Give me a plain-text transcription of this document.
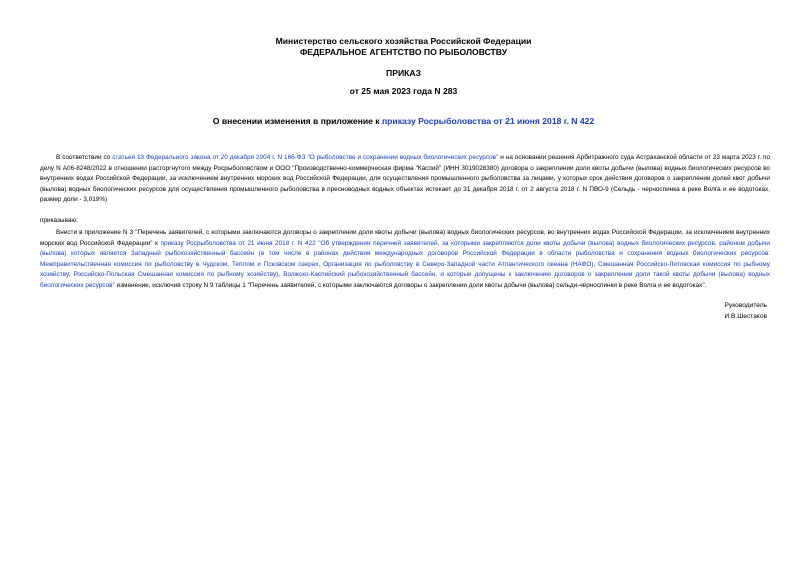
Министерство сельского хозяйства Российской Федерации
ФЕДЕРАЛЬНОЕ АГЕНТСТВО ПО РЫБОЛОВСТВУ
ПРИКАЗ
от 25 мая 2023 года N 283
О внесении изменения в приложение к приказу Росрыболовства от 21 июня 2018 г. N 422
В соответствии со статьей 13 Федерального закона от 20 декабря 2004 г. N 166-ФЗ "О рыболовстве и сохранении водных биологических ресурсов" и на основании решения Арбитражного суда Астраханской области от 23 марта 2023 г. по делу N А06-8248/2022 в отношении расторгнутого между Росрыболовством и ООО "Производственно-коммерческая фирма "Каспий" (ИНН 3019028380) договора о закреплении доли квоты добычи (вылова) водных биологических ресурсов во внутренних водах Российской Федерации, за исключением внутренних морских вод Российской Федерации, для осуществления промышленного рыболовства за лицами, у которых срок действия договоров о закреплении долей квот добычи (вылова) водных биологических ресурсов для осуществления промышленного рыболовства в пресноводных водных объектах истекает до 31 декабря 2018 г. от 2 августа 2018 г. N ПВО-9 (Сельдь - черноспинка в реке Волга и ее водотоках, размер доли - 3,019%)
приказываю:
Внести в приложение N 3 "Перечень заявителей, с которыми заключаются договоры о закреплении доли квоты добычи (вылова) водных биологических ресурсов, во внутренних водах Российской Федерации, за исключением внутренних морских вод Российской Федерации" к приказу Росрыболовства от 21 июня 2018 г. N 422 "Об утверждении перечней заявителей, за которыми закрепляются доли квоты добычи (вылова) водных биологических ресурсов, районом добычи (вылова) которых является Западный рыбохозяйственный бассейн (в том числе в районах действия международных договоров Российской Федерации в области рыболовства и сохранения водных биологических ресурсов: Межправительственная комиссия по рыболовству в Чудском, Теплом и Псковском озерах, Организация по рыболовству в Северо-Западной части Атлантического океана (НАФО), Смешанная Российско-Литовская комиссия по рыбному хозяйству, Российско-Польская Смешанная комиссия по рыбному хозяйству), Волжско-Каспийский рыбохозяйственный бассейн, и которые допущены к заключению договоров о закреплении доли такой квоты добычи (вылова) водных биологических ресурсов" изменение, исключив строку N 9 таблицы 1 "Перечень заявителей, с которыми заключаются договоры о закреплении доли квоты добычи (вылова) сельди-черноспинки в реке Волга и ее водотоках".
Руководитель
И.В.Шестаков
